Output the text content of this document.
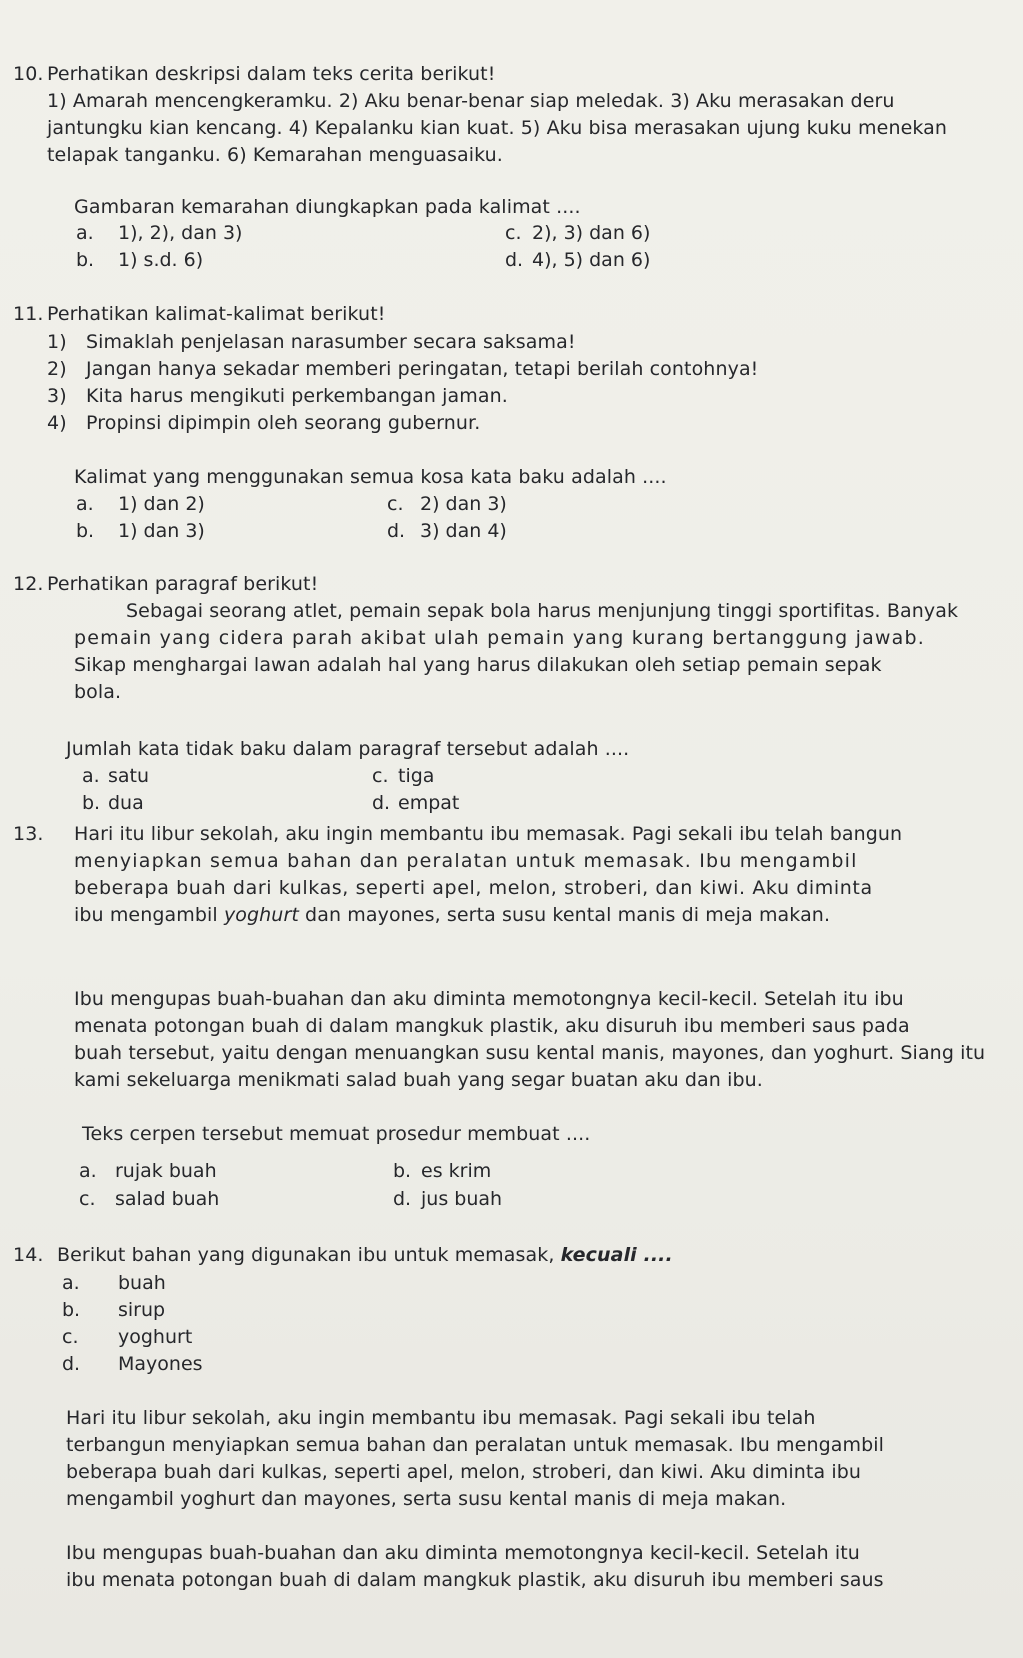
10. Perhatikan deskripsi dalam teks cerita berikut!
1) Amarah mencengkeramku. 2) Aku benar-benar siap meledak. 3) Aku merasakan deru
jantungku kian kencang. 4) Kepalanku kian kuat. 5) Aku bisa merasakan ujung kuku menekan
telapak tanganku. 6) Kemarahan menguasaiku.
Gambaran kemarahan diungkapkan pada kalimat ....
a. 1), 2), dan 3)
b. 1) s.d. 6)
c. 2), 3) dan 6)
d. 4), 5) dan 6)
11. Perhatikan kalimat-kalimat berikut!
1) Simaklah penjelasan narasumber secara saksama!
2) Jangan hanya sekadar memberi peringatan, tetapi berilah contohnya!
3) Kita harus mengikuti perkembangan jaman.
4) Propinsi dipimpin oleh seorang gubernur.
Kalimat yang menggunakan semua kosa kata baku adalah ....
a. 1) dan 2)
b. 1) dan 3)
c. 2) dan 3)
d. 3) dan 4)
12. Perhatikan paragraf berikut!
Sebagai seorang atlet, pemain sepak bola harus menjunjung tinggi sportifitas. Banyak
pemain yang cidera parah akibat ulah pemain yang kurang bertanggung jawab.
Sikap menghargai lawan adalah hal yang harus dilakukan oleh setiap pemain sepak
bola.
Jumlah kata tidak baku dalam paragraf tersebut adalah ....
a. satu
b. dua
c. tiga
d. empat
13. Hari itu libur sekolah, aku ingin membantu ibu memasak. Pagi sekali ibu telah bangun
menyiapkan semua bahan dan peralatan untuk memasak. Ibu mengambil
beberapa buah dari kulkas, seperti apel, melon, stroberi, dan kiwi. Aku diminta
ibu mengambil yoghurt dan mayones, serta susu kental manis di meja makan.
Ibu mengupas buah-buahan dan aku diminta memotongnya kecil-kecil. Setelah itu ibu
menata potongan buah di dalam mangkuk plastik, aku disuruh ibu memberi saus pada
buah tersebut, yaitu dengan menuangkan susu kental manis, mayones, dan yoghurt. Siang itu
kami sekeluarga menikmati salad buah yang segar buatan aku dan ibu.
Teks cerpen tersebut memuat prosedur membuat ....
a. rujak buah
c. salad buah
b. es krim
d. jus buah
14. Berikut bahan yang digunakan ibu untuk memasak, kecuali ....
a. buah
b. sirup
c. yoghurt
d. Mayones
Hari itu libur sekolah, aku ingin membantu ibu memasak. Pagi sekali ibu telah
terbangun menyiapkan semua bahan dan peralatan untuk memasak. Ibu mengambil
beberapa buah dari kulkas, seperti apel, melon, stroberi, dan kiwi. Aku diminta ibu
mengambil yoghurt dan mayones, serta susu kental manis di meja makan.
Ibu mengupas buah-buahan dan aku diminta memotongnya kecil-kecil. Setelah itu
ibu menata potongan buah di dalam mangkuk plastik, aku disuruh ibu memberi saus
